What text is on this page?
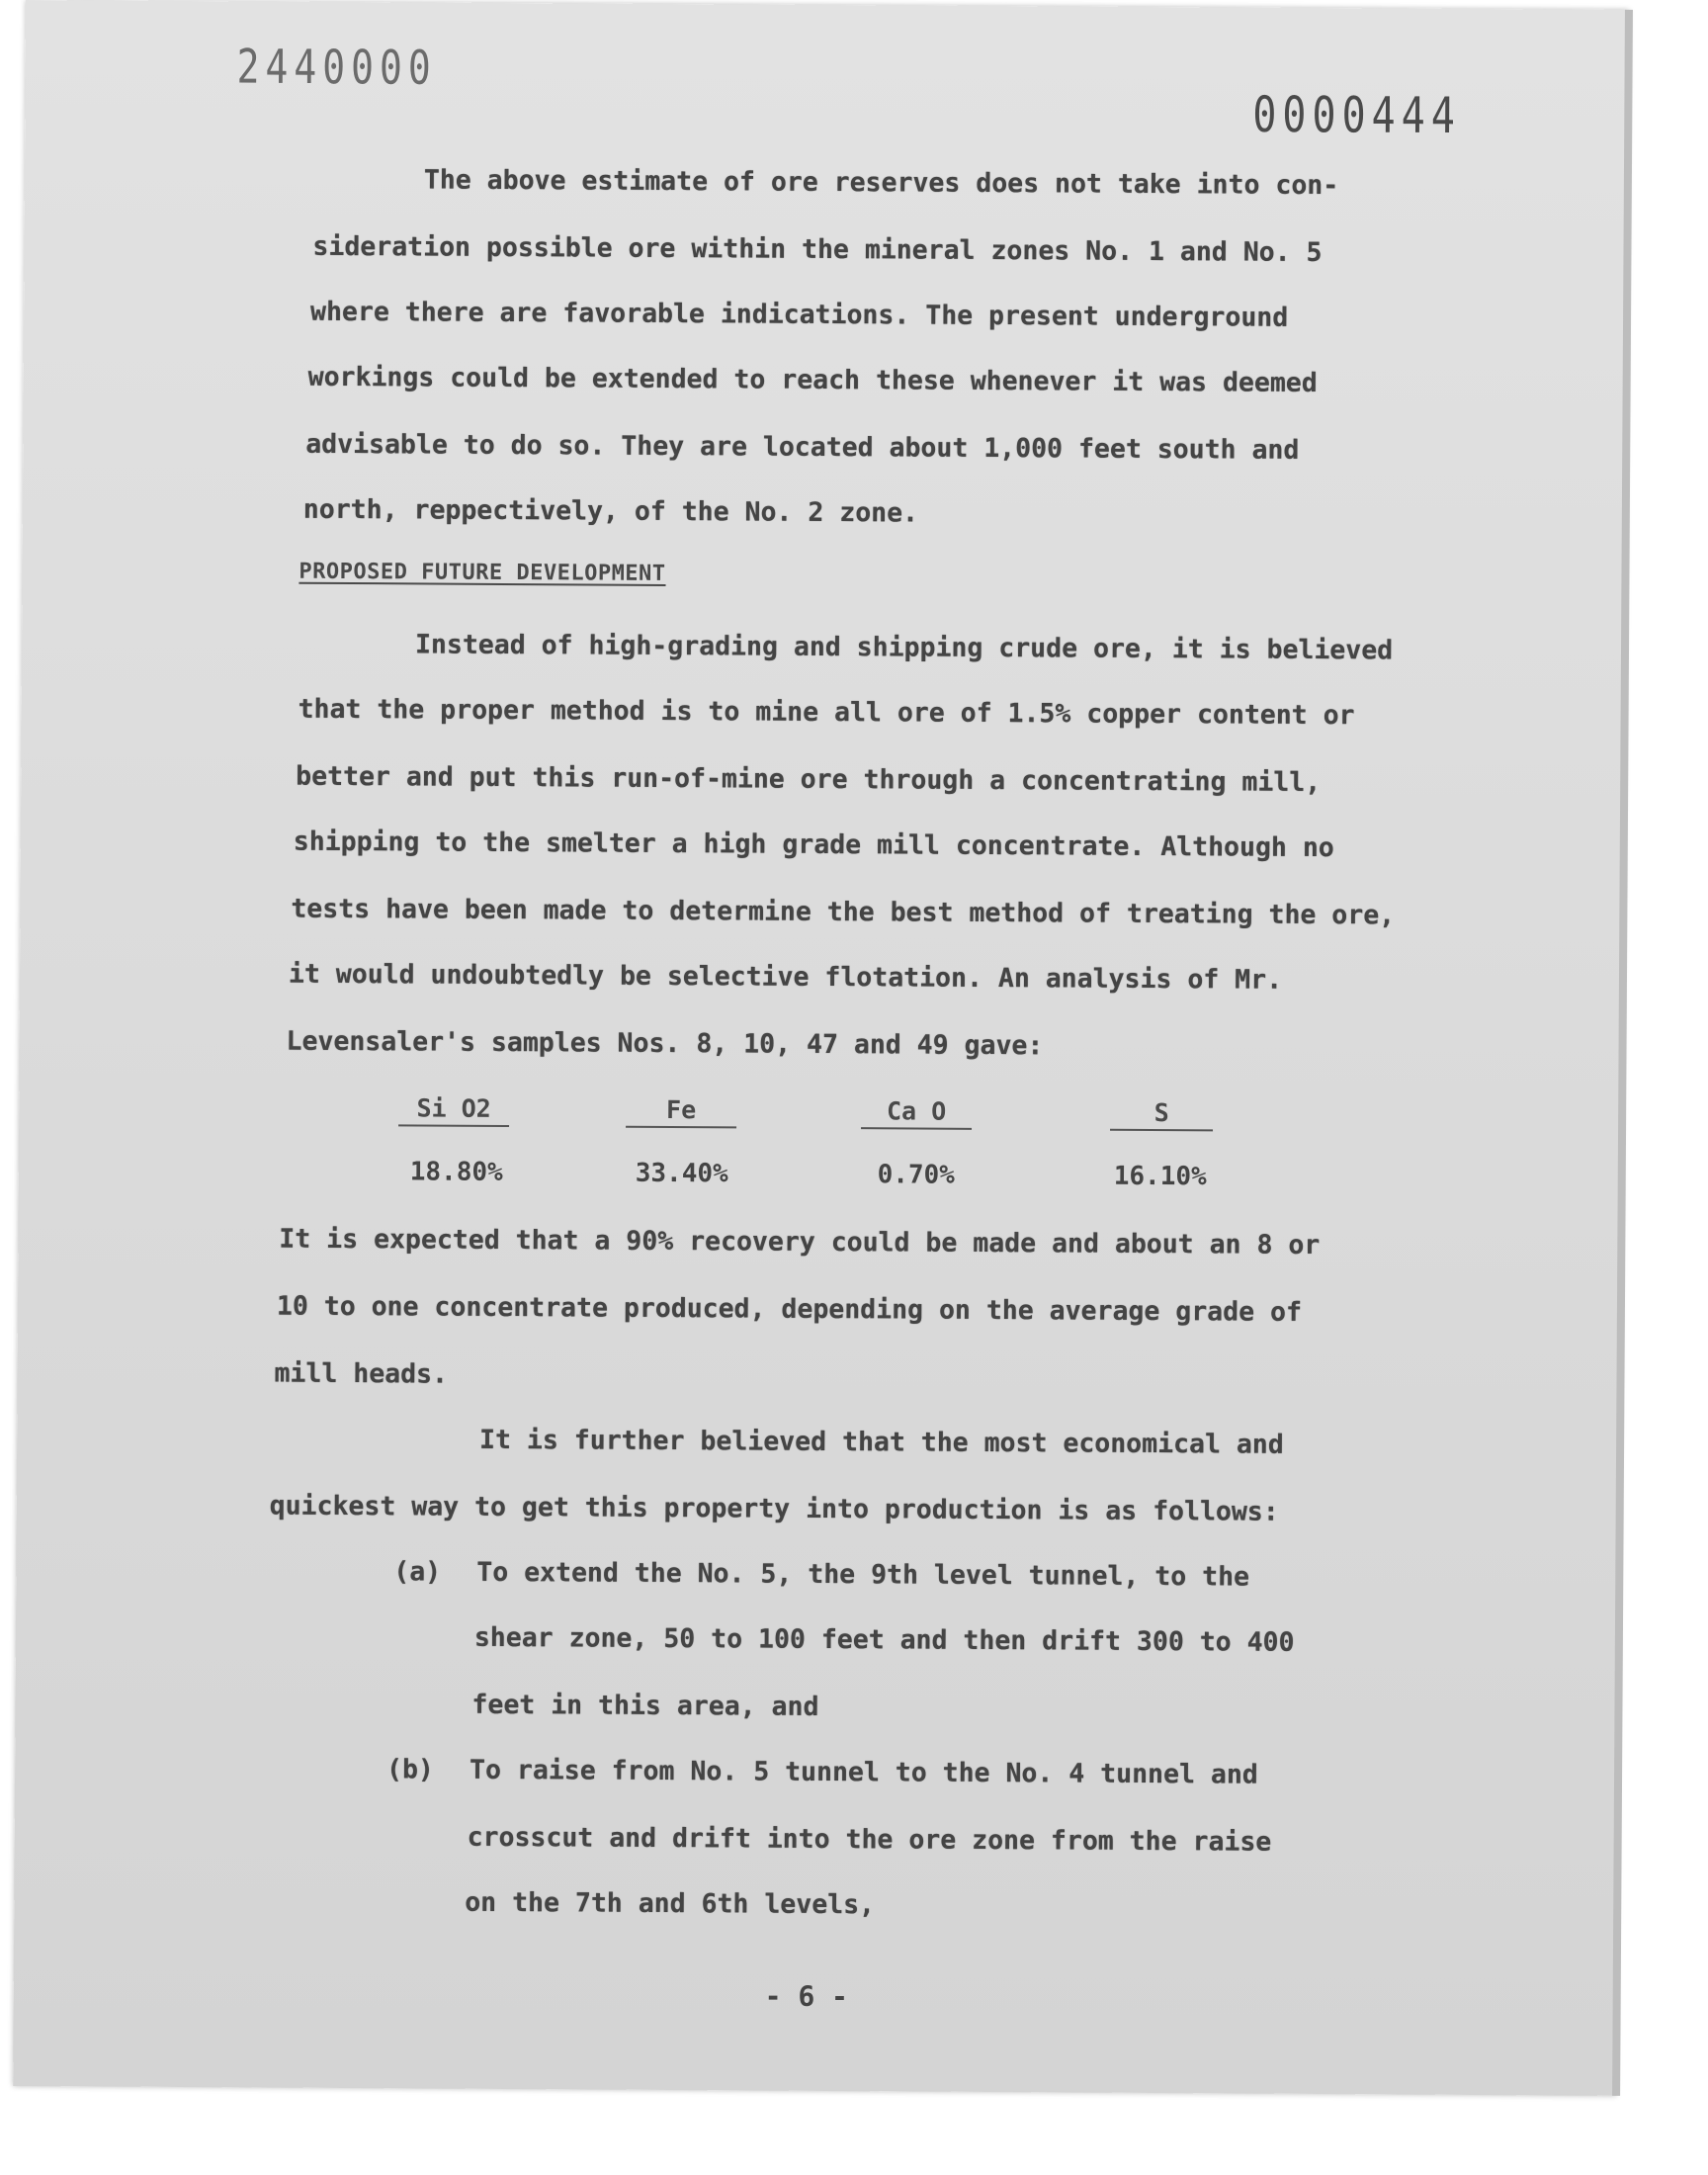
2440000
0000444
The above estimate of ore reserves does not take into con-
sideration possible ore within the mineral zones No. 1 and No. 5
where there are favorable indications. The present underground
workings could be extended to reach these whenever it was deemed
advisable to do so. They are located about 1,000 feet south and
north, reppectively, of the No. 2 zone.
PROPOSED FUTURE DEVELOPMENT
Instead of high-grading and shipping crude ore, it is believed
that the proper method is to mine all ore of 1.5% copper content or
better and put this run-of-mine ore through a concentrating mill,
shipping to the smelter a high grade mill concentrate. Although no
tests have been made to determine the best method of treating the ore,
it would undoubtedly be selective flotation. An analysis of Mr.
Levensaler's samples Nos. 8, 10, 47 and 49 gave:
Si O2	Fe	Ca O	S
18.80%	33.40%	0.70%	16.10%
It is expected that a 90% recovery could be made and about an 8 or
10 to one concentrate produced, depending on the average grade of
mill heads.
It is further believed that the most economical and
quickest way to get this property into production is as follows:
(a) To extend the No. 5, the 9th level tunnel, to the
shear zone, 50 to 100 feet and then drift 300 to 400
feet in this area, and
(b) To raise from No. 5 tunnel to the No. 4 tunnel and
crosscut and drift into the ore zone from the raise
on the 7th and 6th levels,
- 6 -
